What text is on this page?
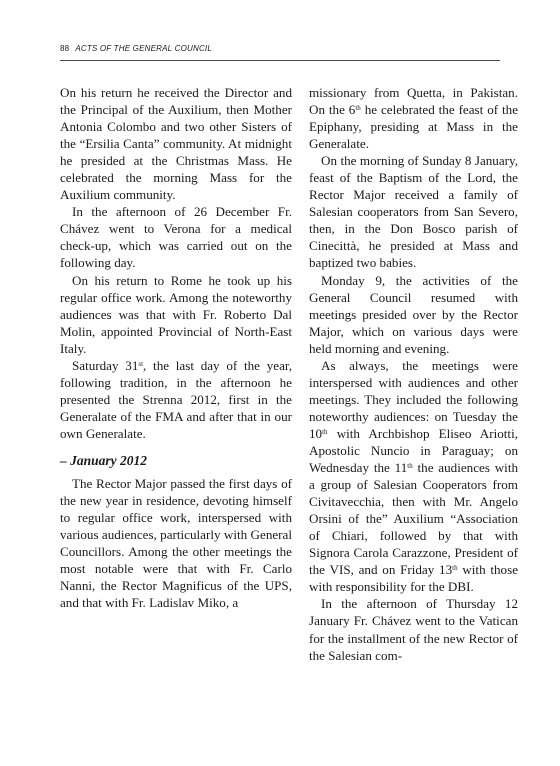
88 ACTS OF THE GENERAL COUNCIL

On his return he received the Director and the Principal of the Auxilium, then Mother Antonia Colombo and two other Sisters of the “Ersilia Canta” community. At midnight he presided at the Christmas Mass. He celebrated the morning Mass for the Auxilium community.

In the afternoon of 26 December Fr. Chávez went to Verona for a medical check-up, which was carried out on the following day.

On his return to Rome he took up his regular office work. Among the noteworthy audiences was that with Fr. Roberto Dal Molin, appointed Provincial of North-East Italy.

Saturday 31st, the last day of the year, following tradition, in the afternoon he presented the Strenna 2012, first in the Generalate of the FMA and after that in our own Generalate.

– January 2012

The Rector Major passed the first days of the new year in residence, devoting himself to regular office work, interspersed with various audiences, particularly with General Councillors. Among the other meetings the most notable were that with Fr. Carlo Nanni, the Rector Magnificus of the UPS, and that with Fr. Ladislav Miko, a

missionary from Quetta, in Pakistan. On the 6th he celebrated the feast of the Epiphany, presiding at Mass in the Generalate.

On the morning of Sunday 8 January, feast of the Baptism of the Lord, the Rector Major received a family of Salesian cooperators from San Severo, then, in the Don Bosco parish of Cinecittà, he presided at Mass and baptized two babies.

Monday 9, the activities of the General Council resumed with meetings presided over by the Rector Major, which on various days were held morning and evening.

As always, the meetings were interspersed with audiences and other meetings. They included the following noteworthy audiences: on Tuesday the 10th with Archbishop Eliseo Ariotti, Apostolic Nuncio in Paraguay; on Wednesday the 11th the audiences with a group of Salesian Cooperators from Civitavecchia, then with Mr. Angelo Orsini of the” Auxilium “Association of Chiari, followed by that with Signora Carola Carazzone, President of the VIS, and on Friday 13th with those with responsibility for the DBI.

In the afternoon of Thursday 12 January Fr. Chávez went to the Vatican for the installment of the new Rector of the Salesian com-
